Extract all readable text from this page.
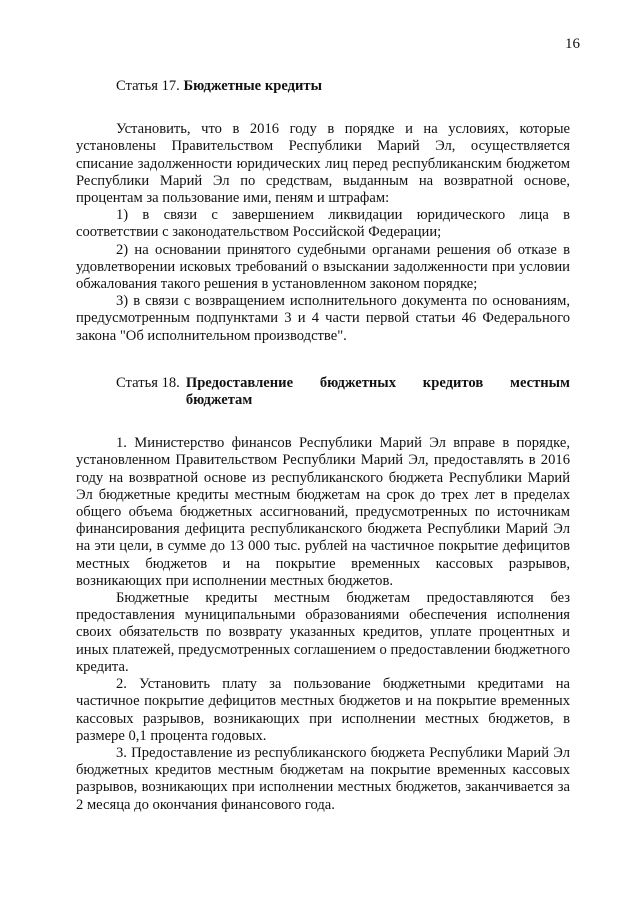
16
Статья 17. Бюджетные кредиты

Установить, что в 2016 году в порядке и на условиях, которые установлены Правительством Республики Марий Эл, осуществляется списание задолженности юридических лиц перед республиканским бюджетом Республики Марий Эл по средствам, выданным на возвратной основе, процентам за пользование ими, пеням и штрафам:

1) в связи с завершением ликвидации юридического лица в соответствии с законодательством Российской Федерации;

2) на основании принятого судебными органами решения об отказе в удовлетворении исковых требований о взыскании задолженности при условии обжалования такого решения в установленном законом порядке;

3) в связи с возвращением исполнительного документа по основаниям, предусмотренным подпунктами 3 и 4 части первой статьи 46 Федерального закона "Об исполнительном производстве".

Статья 18. Предоставление бюджетных кредитов местным бюджетам

1. Министерство финансов Республики Марий Эл вправе в порядке, установленном Правительством Республики Марий Эл, предоставлять в 2016 году на возвратной основе из республиканского бюджета Республики Марий Эл бюджетные кредиты местным бюджетам на срок до трех лет в пределах общего объема бюджетных ассигнований, предусмотренных по источникам финансирования дефицита республиканского бюджета Республики Марий Эл на эти цели, в сумме до 13 000 тыс. рублей на частичное покрытие дефицитов местных бюджетов и на покрытие временных кассовых разрывов, возникающих при исполнении местных бюджетов.

Бюджетные кредиты местным бюджетам предоставляются без предоставления муниципальными образованиями обеспечения исполнения своих обязательств по возврату указанных кредитов, уплате процентных и иных платежей, предусмотренных соглашением о предоставлении бюджетного кредита.

2. Установить плату за пользование бюджетными кредитами на частичное покрытие дефицитов местных бюджетов и на покрытие временных кассовых разрывов, возникающих при исполнении местных бюджетов, в размере 0,1 процента годовых.

3. Предоставление из республиканского бюджета Республики Марий Эл бюджетных кредитов местным бюджетам на покрытие временных кассовых разрывов, возникающих при исполнении местных бюджетов, заканчивается за 2 месяца до окончания финансового года.
